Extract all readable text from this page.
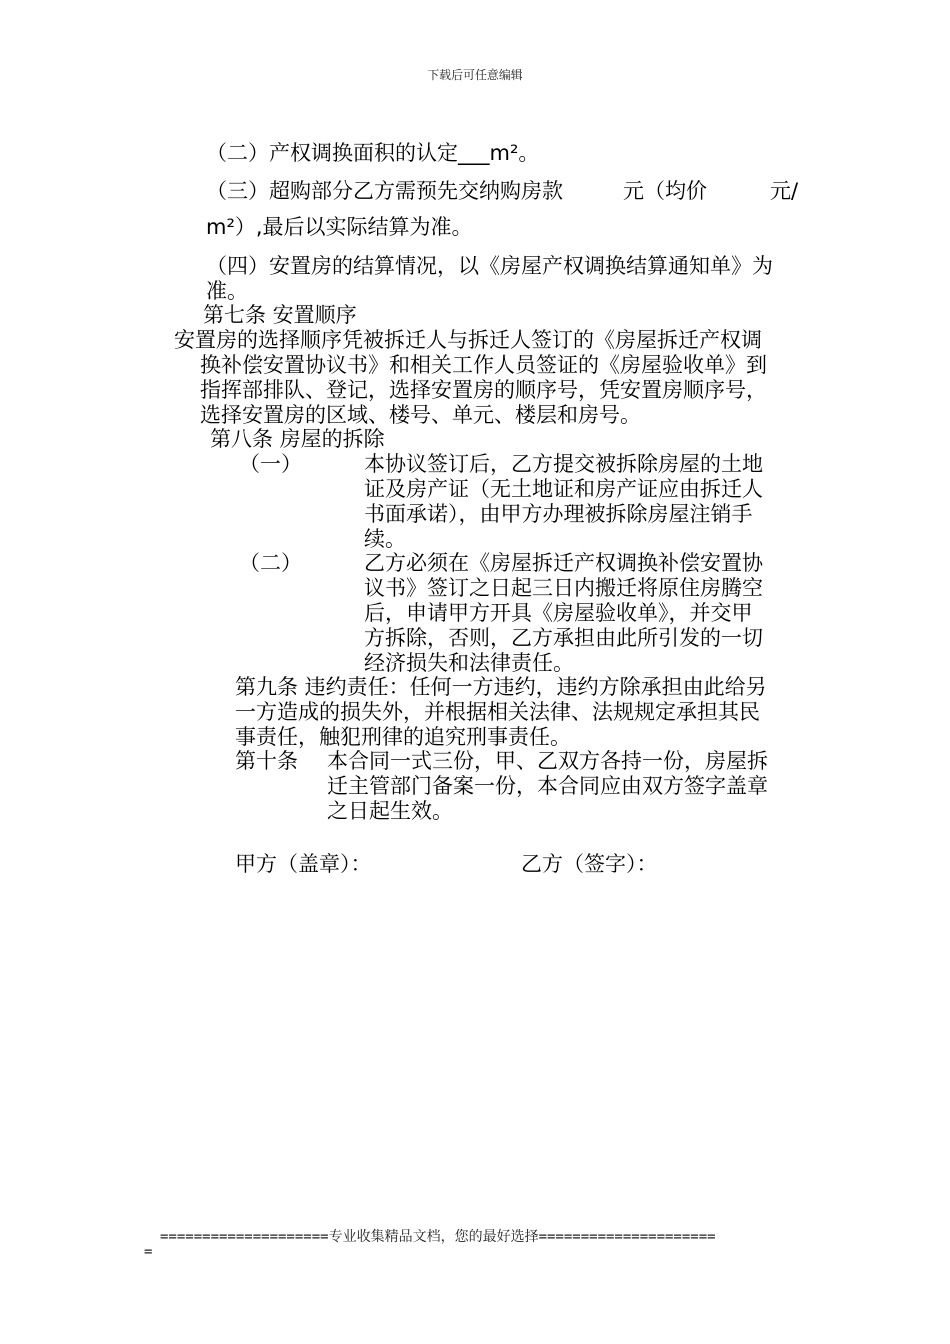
下载后可任意编辑
（二）产权调换面积的认定___m²。
（三）超购部分乙方需预先交纳购房款	元（均价	元/
m²）,最后以实际结算为准。
（四）安置房的结算情况，以《房屋产权调换结算通知单》为
准。
第七条 安置顺序
安置房的选择顺序凭被拆迁人与拆迁人签订的《房屋拆迁产权调
换补偿安置协议书》和相关工作人员签证的《房屋验收单》到
指挥部排队、登记，选择安置房的顺序号，凭安置房顺序号，
选择安置房的区域、楼号、单元、楼层和房号。
第八条 房屋的拆除
（一）	本协议签订后，乙方提交被拆除房屋的土地
证及房产证（无土地证和房产证应由拆迁人
书面承诺），由甲方办理被拆除房屋注销手
续。
（二）	乙方必须在《房屋拆迁产权调换补偿安置协
议书》签订之日起三日内搬迁将原住房腾空
后，申请甲方开具《房屋验收单》，并交甲
方拆除，否则，乙方承担由此所引发的一切
经济损失和法律责任。
第九条 违约责任：任何一方违约，违约方除承担由此给另
一方造成的损失外，并根据相关法律、法规规定承担其民
事责任，触犯刑律的追究刑事责任。
第十条 本合同一式三份，甲、乙双方各持一份，房屋拆
迁主管部门备案一份，本合同应由双方签字盖章
之日起生效。
甲方（盖章）：	乙方（签字）：
====================专业收集精品文档，您的最好选择=====================
=
